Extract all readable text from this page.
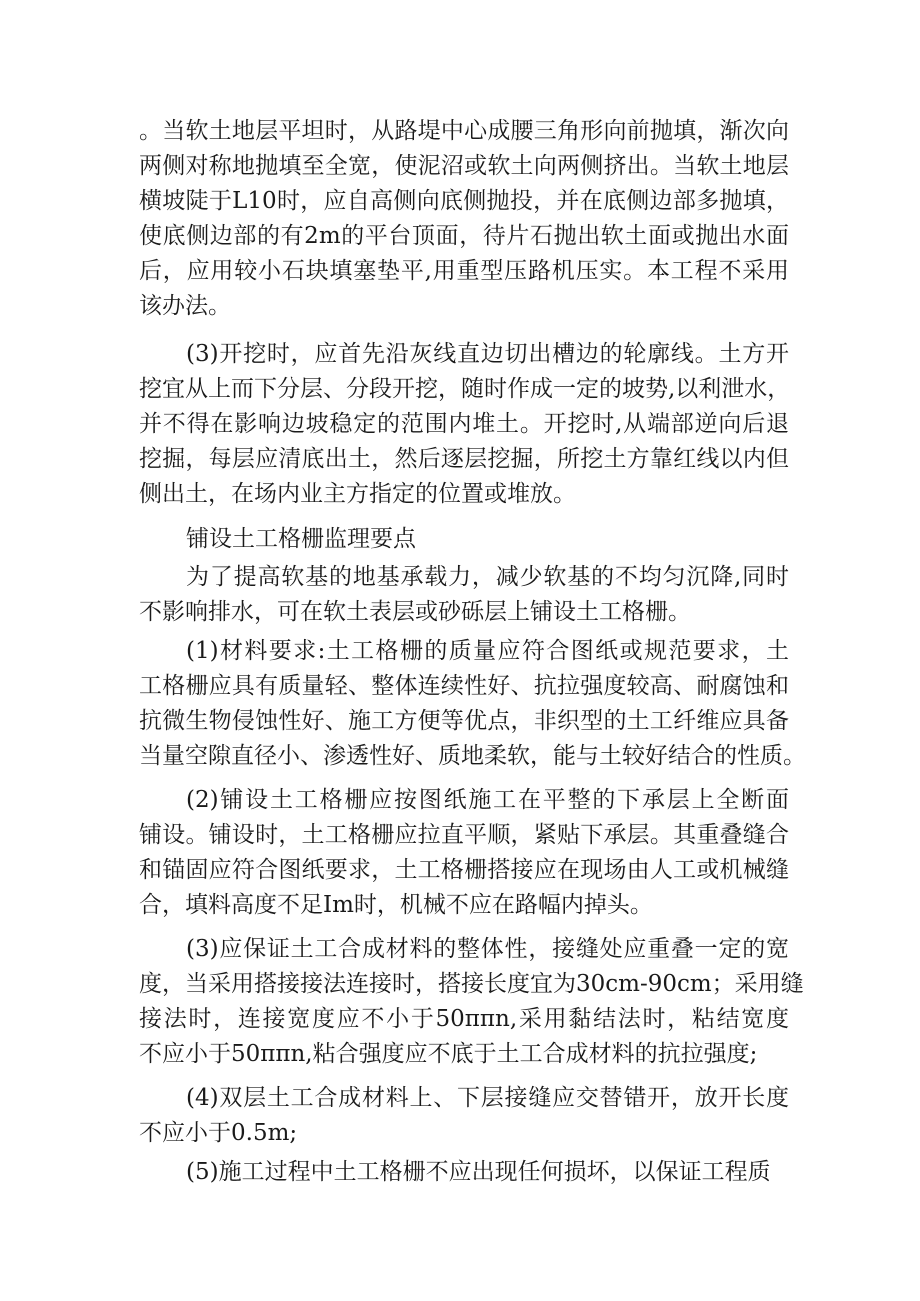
。当软土地层平坦时，从路堤中心成腰三角形向前抛填，渐次向
两侧对称地抛填至全宽，使泥沼或软土向两侧挤出。当软土地层
横坡陡于L10时，应自高侧向底侧抛投，并在底侧边部多抛填，
使底侧边部的有2m的平台顶面，待片石抛出软土面或抛出水面
后，应用较小石块填塞垫平,用重型压路机压实。本工程不采用
该办法。
(3)开挖时，应首先沿灰线直边切出槽边的轮廓线。土方开
挖宜从上而下分层、分段开挖，随时作成一定的坡势,以利泄水，
并不得在影响边坡稳定的范围内堆土。开挖时,从端部逆向后退
挖掘，每层应清底出土，然后逐层挖掘，所挖土方靠红线以内但
侧出土，在场内业主方指定的位置或堆放。
铺设土工格栅监理要点
为了提高软基的地基承载力，减少软基的不均匀沉降,同时
不影响排水，可在软土表层或砂砾层上铺设土工格栅。
(1)材料要求:土工格栅的质量应符合图纸或规范要求，土
工格栅应具有质量轻、整体连续性好、抗拉强度较高、耐腐蚀和
抗微生物侵蚀性好、施工方便等优点，非织型的土工纤维应具备
当量空隙直径小、渗透性好、质地柔软，能与土较好结合的性质。
(2)铺设土工格栅应按图纸施工在平整的下承层上全断面
铺设。铺设时，土工格栅应拉直平顺，紧贴下承层。其重叠缝合
和锚固应符合图纸要求，土工格栅搭接应在现场由人工或机械缝
合，填料高度不足Im时，机械不应在路幅内掉头。
(3)应保证土工合成材料的整体性，接缝处应重叠一定的宽
度，当采用搭接接法连接时，搭接长度宜为30cm-90cm；采用缝
接法时，连接宽度应不小于50ππn,采用黏结法时，粘结宽度
不应小于50ππn,粘合强度应不底于土工合成材料的抗拉强度;
(4)双层土工合成材料上、下层接缝应交替错开，放开长度
不应小于0.5m;
(5)施工过程中土工格栅不应出现任何损坏，以保证工程质
